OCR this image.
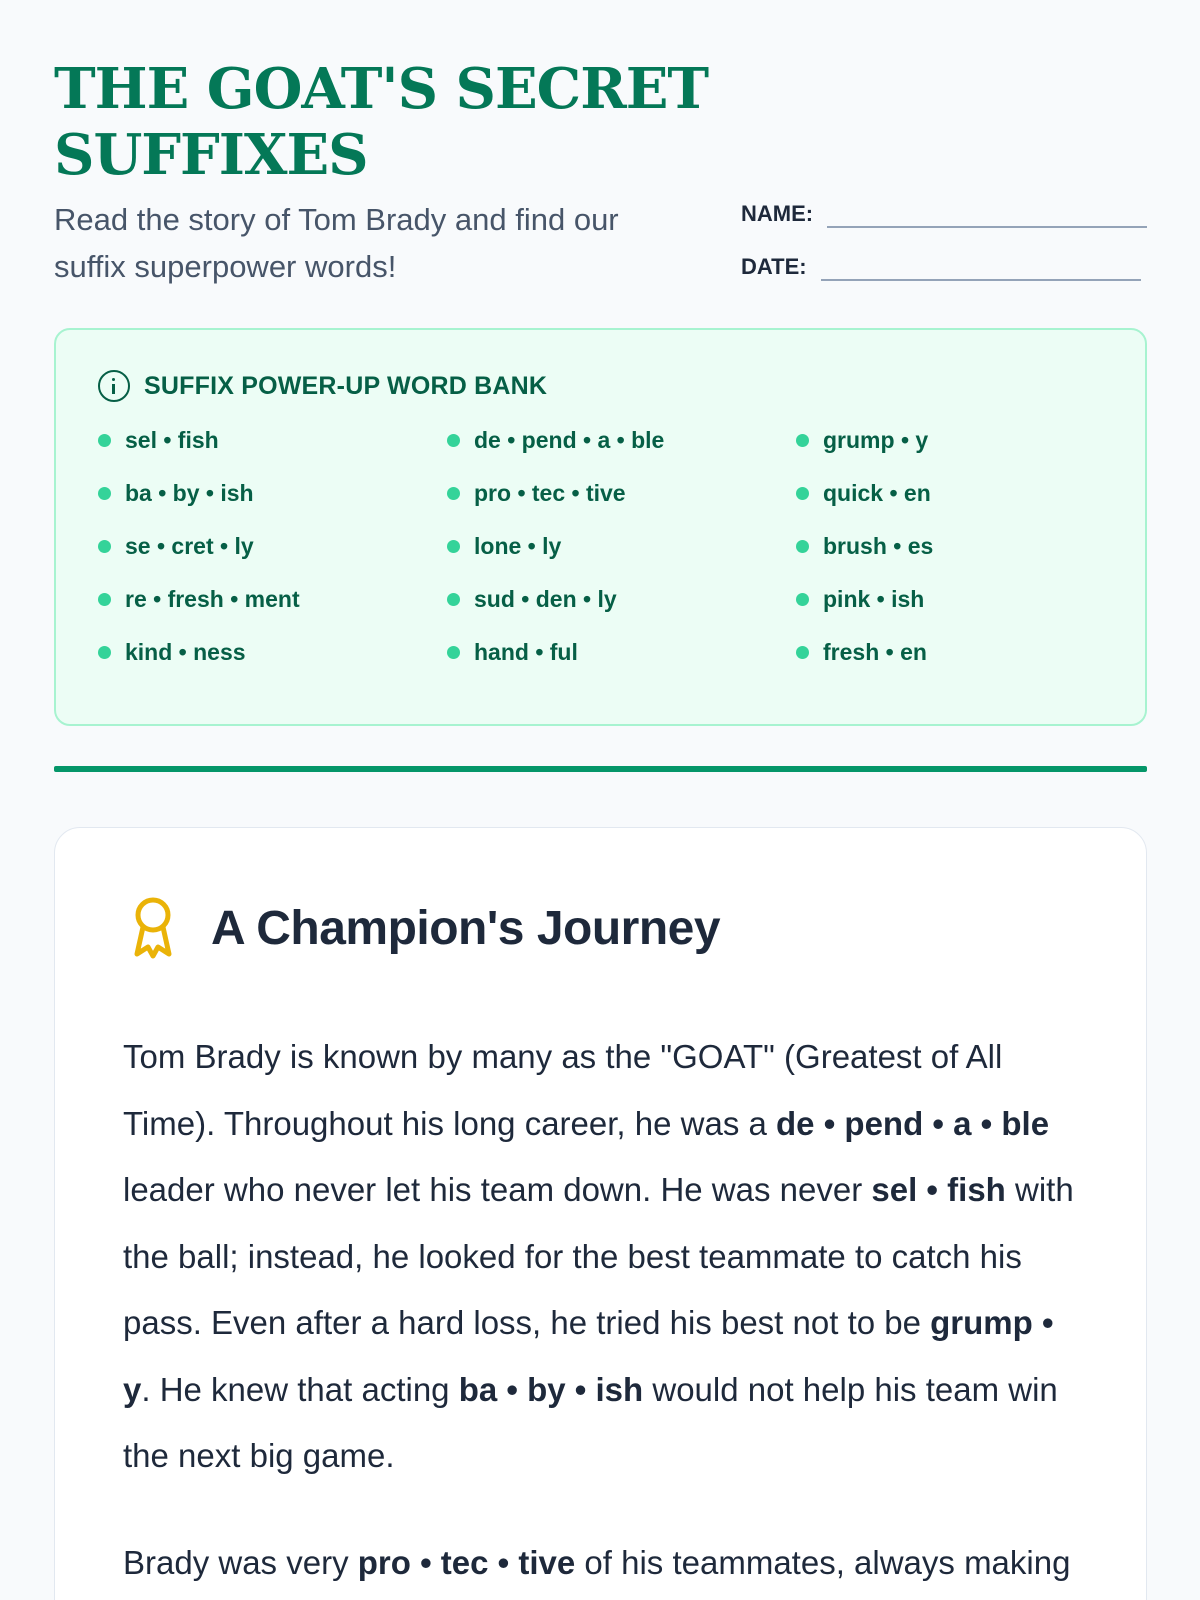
THE GOAT'S SECRET SUFFIXES

Read the story of Tom Brady and find our suffix superpower words!

NAME:
DATE:
SUFFIX POWER-UP WORD BANK
sel • fish	de • pend • a • ble	grump • y
ba • by • ish	pro • tec • tive	quick • en
se • cret • ly	lone • ly	brush • es
re • fresh • ment	sud • den • ly	pink • ish
kind • ness	hand • ful	fresh • en
A Champion's Journey

Tom Brady is known by many as the "GOAT" (Greatest of All Time). Throughout his long career, he was a de • pend • a • ble leader who never let his team down. He was never sel • fish with the ball; instead, he looked for the best teammate to catch his pass. Even after a hard loss, he tried his best not to be grump • y. He knew that acting ba • by • ish would not help his team win the next big game.

Brady was very pro • tec • tive of his teammates, always making
